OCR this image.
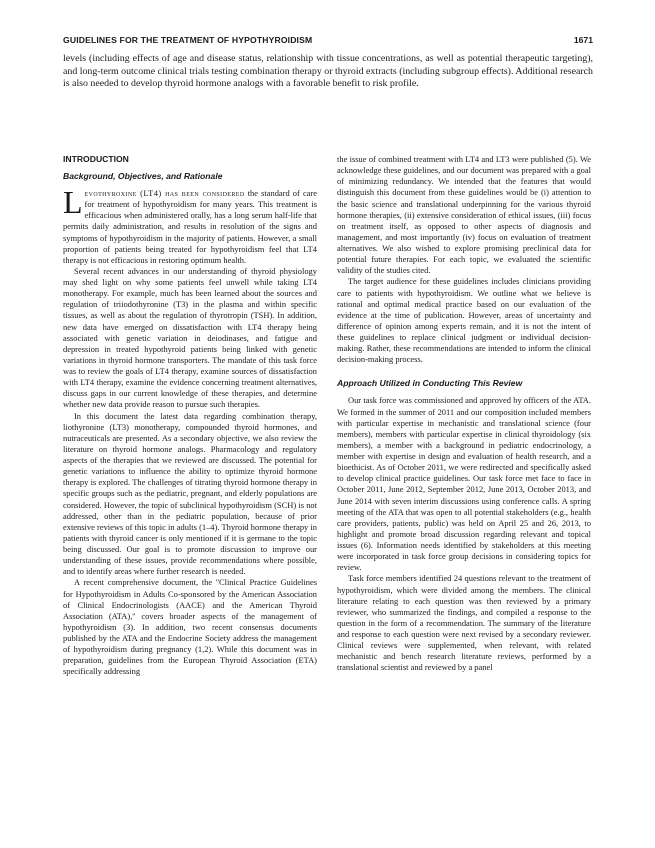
GUIDELINES FOR THE TREATMENT OF HYPOTHYROIDISM	1671

levels (including effects of age and disease status, relationship with tissue concentrations, as well as potential therapeutic targeting), and long-term outcome clinical trials testing combination therapy or thyroid extracts (including subgroup effects). Additional research is also needed to develop thyroid hormone analogs with a favorable benefit to risk profile.

INTRODUCTION
Background, Objectives, and Rationale

Levothyroxine (LT4) has been considered the standard of care for treatment of hypothyroidism for many years. This treatment is efficacious when administered orally, has a long serum half-life that permits daily administration, and results in resolution of the signs and symptoms of hypothyroidism in the majority of patients. However, a small proportion of patients being treated for hypothyroidism feel that LT4 therapy is not efficacious in restoring optimum health.

Several recent advances in our understanding of thyroid physiology may shed light on why some patients feel unwell while taking LT4 monotherapy. For example, much has been learned about the sources and regulation of triiodothyronine (T3) in the plasma and within specific tissues, as well as about the regulation of thyrotropin (TSH). In addition, new data have emerged on dissatisfaction with LT4 therapy being associated with genetic variation in deiodinases, and fatigue and depression in treated hypothyroid patients being linked with genetic variations in thyroid hormone transporters. The mandate of this task force was to review the goals of LT4 therapy, examine sources of dissatisfaction with LT4 therapy, examine the evidence concerning treatment alternatives, discuss gaps in our current knowledge of these therapies, and determine whether new data provide reason to pursue such therapies.

In this document the latest data regarding combination therapy, liothyronine (LT3) monotherapy, compounded thyroid hormones, and nutraceuticals are presented. As a secondary objective, we also review the literature on thyroid hormone analogs. Pharmacology and regulatory aspects of the therapies that we reviewed are discussed. The potential for genetic variations to influence the ability to optimize thyroid hormone therapy is explored. The challenges of titrating thyroid hormone therapy in specific groups such as the pediatric, pregnant, and elderly populations are considered. However, the topic of subclinical hypothyroidism (SCH) is not addressed, other than in the pediatric population, because of prior extensive reviews of this topic in adults (1–4). Thyroid hormone therapy in patients with thyroid cancer is only mentioned if it is germane to the topic being discussed. Our goal is to promote discussion to improve our understanding of these issues, provide recommendations where possible, and to identify areas where further research is needed.

A recent comprehensive document, the ''Clinical Practice Guidelines for Hypothyroidism in Adults Co-sponsored by the American Association of Clinical Endocrinologists (AACE) and the American Thyroid Association (ATA),'' covers broader aspects of the management of hypothyroidism (3). In addition, two recent consensus documents published by the ATA and the Endocrine Society address the management of hypothyroidism during pregnancy (1,2). While this document was in preparation, guidelines from the European Thyroid Association (ETA) specifically addressing

the issue of combined treatment with LT4 and LT3 were published (5). We acknowledge these guidelines, and our document was prepared with a goal of minimizing redundancy. We intended that the features that would distinguish this document from these guidelines would be (i) attention to the basic science and translational underpinning for the various thyroid hormone therapies, (ii) extensive consideration of ethical issues, (iii) focus on treatment itself, as opposed to other aspects of diagnosis and management, and most importantly (iv) focus on evaluation of treatment alternatives. We also wished to explore promising preclinical data for potential future therapies. For each topic, we evaluated the scientific validity of the studies cited.

The target audience for these guidelines includes clinicians providing care to patients with hypothyroidism. We outline what we believe is rational and optimal medical practice based on our evaluation of the evidence at the time of publication. However, areas of uncertainty and difference of opinion among experts remain, and it is not the intent of these guidelines to replace clinical judgment or individual decision-making. Rather, these recommendations are intended to inform the clinical decision-making process.

Approach Utilized in Conducting This Review

Our task force was commissioned and approved by officers of the ATA. We formed in the summer of 2011 and our composition included members with particular expertise in mechanistic and translational science (four members), members with particular expertise in clinical thyroidology (six members), a member with a background in pediatric endocrinology, a member with expertise in design and evaluation of health research, and a bioethicist. As of October 2011, we were redirected and specifically asked to develop clinical practice guidelines. Our task force met face to face in October 2011, June 2012, September 2012, June 2013, October 2013, and June 2014 with seven interim discussions using conference calls. A spring meeting of the ATA that was open to all potential stakeholders (e.g., health care providers, patients, public) was held on April 25 and 26, 2013, to highlight and promote broad discussion regarding relevant and topical issues (6). Information needs identified by stakeholders at this meeting were incorporated in task force group decisions in considering topics for review.

Task force members identified 24 questions relevant to the treatment of hypothyroidism, which were divided among the members. The clinical literature relating to each question was then reviewed by a primary reviewer, who summarized the findings, and compiled a response to the question in the form of a recommendation. The summary of the literature and response to each question were next revised by a secondary reviewer. Clinical reviews were supplemented, when relevant, with related mechanistic and bench research literature reviews, performed by a translational scientist and reviewed by a panel
